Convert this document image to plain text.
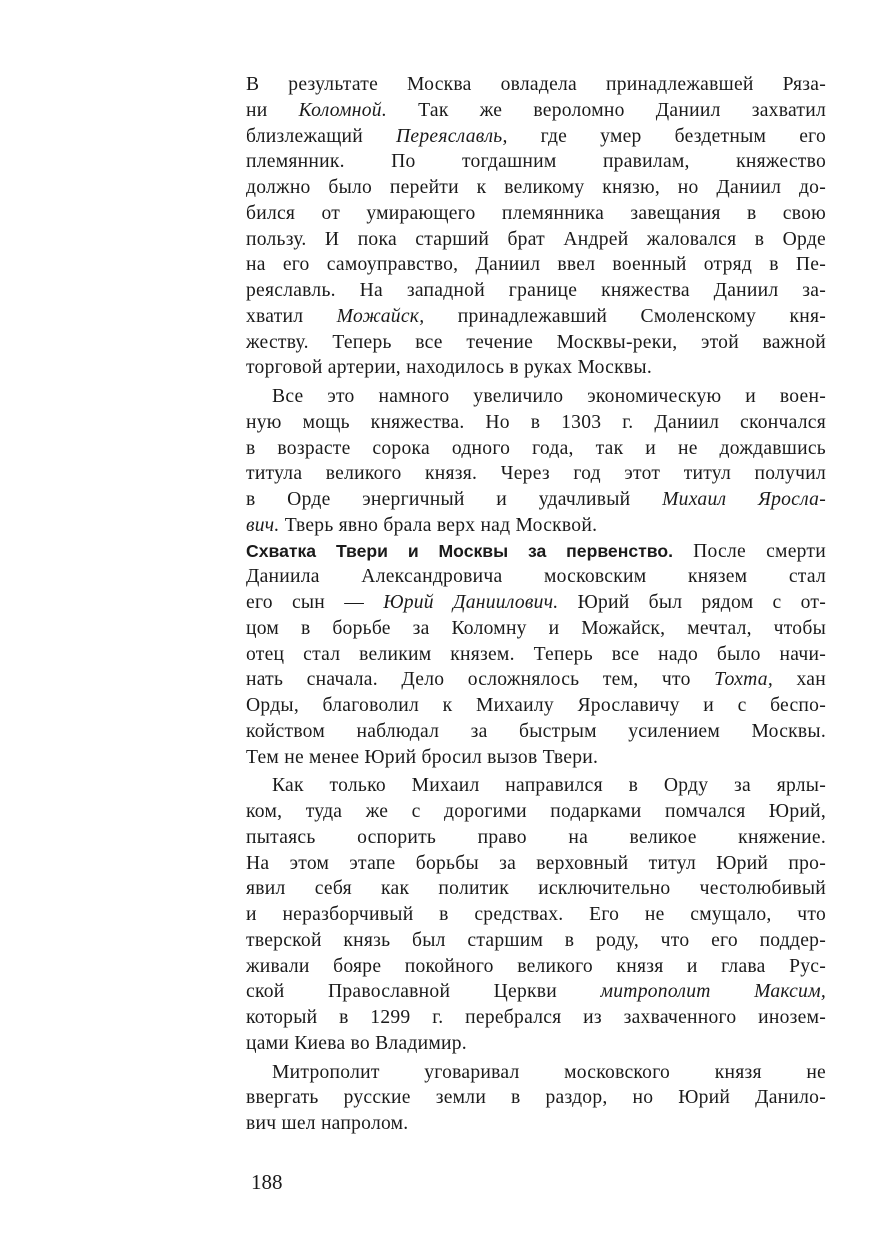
В результате Москва овладела принадлежавшей Ряза-
ни Коломной. Так же вероломно Даниил захватил
близлежащий Переяславль, где умер бездетным его
племянник. По тогдашним правилам, княжество
должно было перейти к великому князю, но Даниил до-
бился от умирающего племянника завещания в свою
пользу. И пока старший брат Андрей жаловался в Орде
на его самоуправство, Даниил ввел военный отряд в Пе-
реяславль. На западной границе княжества Даниил за-
хватил Можайск, принадлежавший Смоленскому кня-
жеству. Теперь все течение Москвы-реки, этой важной
торговой артерии, находилось в руках Москвы.
Все это намного увеличило экономическую и воен-
ную мощь княжества. Но в 1303 г. Даниил скончался
в возрасте сорока одного года, так и не дождавшись
титула великого князя. Через год этот титул получил
в Орде энергичный и удачливый Михаил Яросла-
вич. Тверь явно брала верх над Москвой.
Схватка Твери и Москвы за первенство. После смерти
Даниила Александровича московским князем стал
его сын — Юрий Даниилович. Юрий был рядом с от-
цом в борьбе за Коломну и Можайск, мечтал, чтобы
отец стал великим князем. Теперь все надо было начи-
нать сначала. Дело осложнялось тем, что Тохта, хан
Орды, благоволил к Михаилу Ярославичу и с беспо-
койством наблюдал за быстрым усилением Москвы.
Тем не менее Юрий бросил вызов Твери.
Как только Михаил направился в Орду за ярлы-
ком, туда же с дорогими подарками помчался Юрий,
пытаясь оспорить право на великое княжение.
На этом этапе борьбы за верховный титул Юрий про-
явил себя как политик исключительно честолюбивый
и неразборчивый в средствах. Его не смущало, что
тверской князь был старшим в роду, что его поддер-
живали бояре покойного великого князя и глава Рус-
ской Православной Церкви митрополит Максим,
который в 1299 г. перебрался из захваченного инозем-
цами Киева во Владимир.
Митрополит уговаривал московского князя не
ввергать русские земли в раздор, но Юрий Данило-
вич шел напролом.
188
